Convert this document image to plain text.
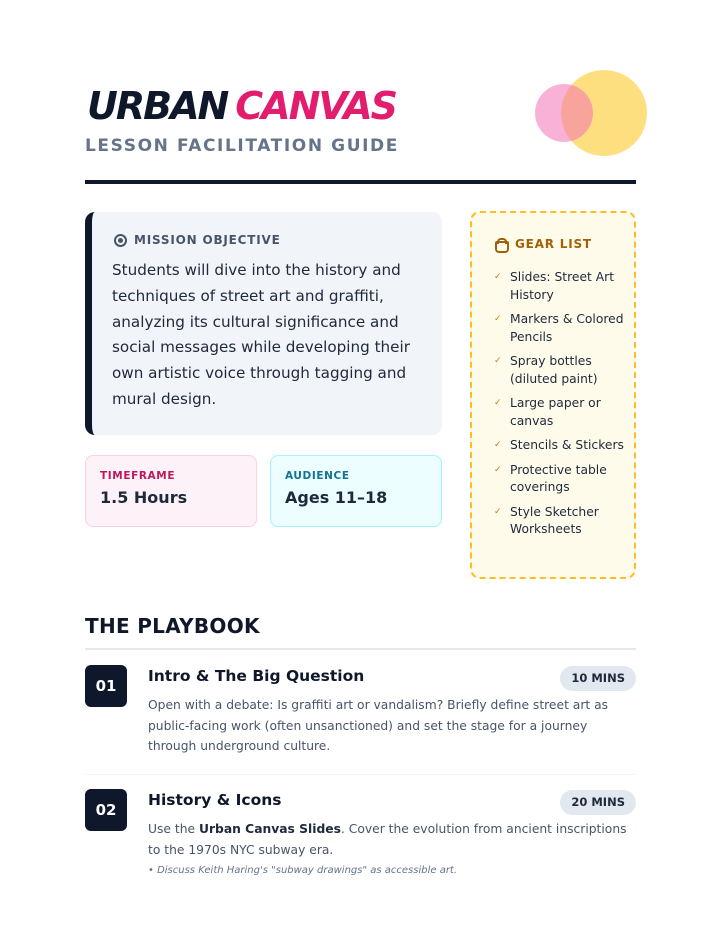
URBAN CANVAS
LESSON FACILITATION GUIDE
MISSION OBJECTIVE
Students will dive into the history and techniques of street art and graffiti, analyzing its cultural significance and social messages while developing their own artistic voice through tagging and mural design.
TIMEFRAME
1.5 Hours
AUDIENCE
Ages 11–18
GEAR LIST
✓ Slides: Street Art History
✓ Markers & Colored Pencils
✓ Spray bottles (diluted paint)
✓ Large paper or canvas
✓ Stencils & Stickers
✓ Protective table coverings
✓ Style Sketcher Worksheets
THE PLAYBOOK
01
Intro & The Big Question	10 MINS
Open with a debate: Is graffiti art or vandalism? Briefly define street art as public-facing work (often unsanctioned) and set the stage for a journey through underground culture.
02
History & Icons	20 MINS
Use the Urban Canvas Slides. Cover the evolution from ancient inscriptions to the 1970s NYC subway era.
• Discuss Keith Haring's "subway drawings" as accessible art.
